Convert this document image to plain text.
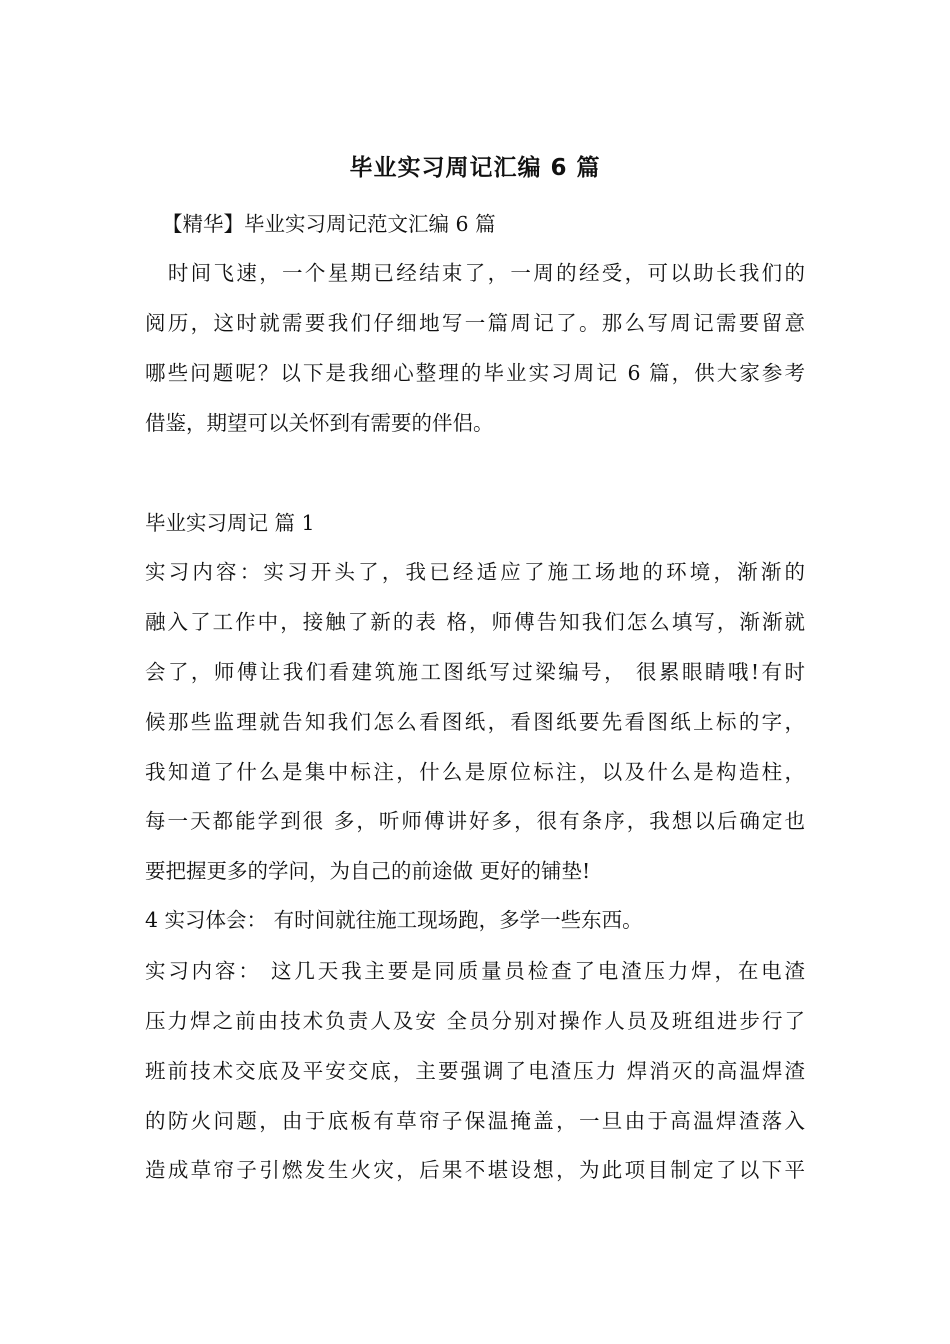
毕业实习周记汇编 6 篇
【精华】毕业实习周记范文汇编 6 篇
　时间飞速，一个星期已经结束了，一周的经受，可以助长我们的
阅历，这时就需要我们仔细地写一篇周记了。那么写周记需要留意
哪些问题呢？以下是我细心整理的毕业实习周记 6 篇，供大家参考
借鉴，期望可以关怀到有需要的伴侣。
毕业实习周记 篇 1
实习内容：实习开头了，我已经适应了施工场地的环境，渐渐的
融入了工作中，接触了新的表 格，师傅告知我们怎么填写，渐渐就
会了，师傅让我们看建筑施工图纸写过梁编号， 很累眼睛哦!有时
候那些监理就告知我们怎么看图纸，看图纸要先看图纸上标的字，
我知道了什么是集中标注，什么是原位标注，以及什么是构造柱，
每一天都能学到很 多，听师傅讲好多，很有条序，我想以后确定也
要把握更多的学问，为自己的前途做 更好的铺垫!
4 实习体会： 有时间就往施工现场跑，多学一些东西。
实习内容： 这几天我主要是同质量员检查了电渣压力焊，在电渣
压力焊之前由技术负责人及安 全员分别对操作人员及班组进步行了
班前技术交底及平安交底，主要强调了电渣压力 焊消灭的高温焊渣
的防火问题，由于底板有草帘子保温掩盖，一旦由于高温焊渣落入
造成草帘子引燃发生火灾，后果不堪设想，为此项目制定了以下平
